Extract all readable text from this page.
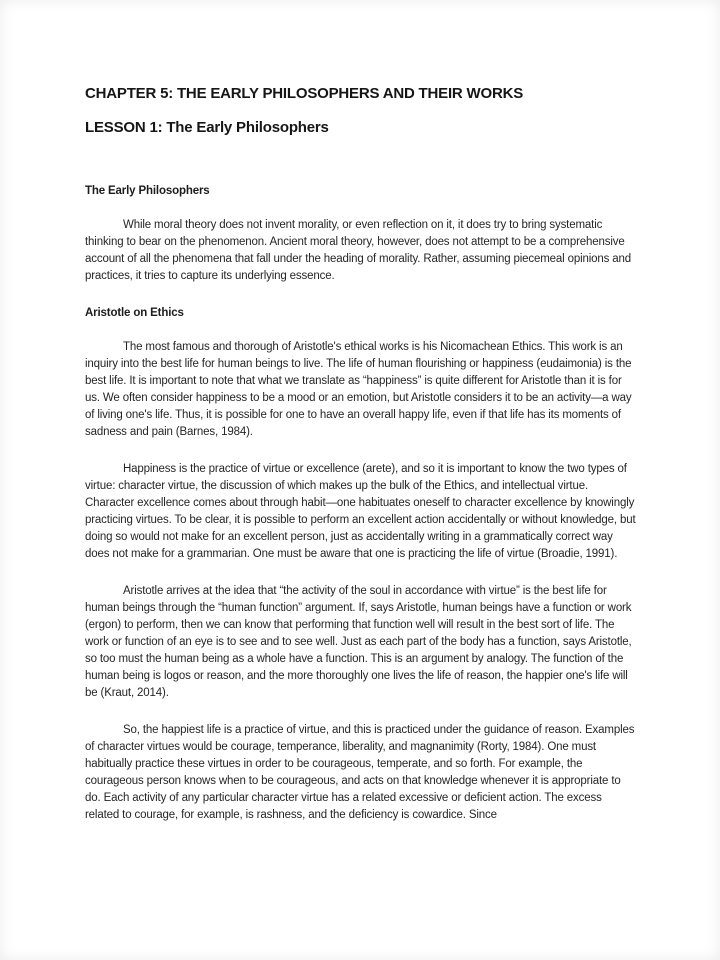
CHAPTER 5: THE EARLY PHILOSOPHERS AND THEIR WORKS
LESSON 1: The Early Philosophers
The Early Philosophers

While moral theory does not invent morality, or even reflection on it, it does try to bring systematic thinking to bear on the phenomenon. Ancient moral theory, however, does not attempt to be a comprehensive account of all the phenomena that fall under the heading of morality. Rather, assuming piecemeal opinions and practices, it tries to capture its underlying essence.

Aristotle on Ethics

The most famous and thorough of Aristotle's ethical works is his Nicomachean Ethics. This work is an inquiry into the best life for human beings to live. The life of human flourishing or happiness (eudaimonia) is the best life. It is important to note that what we translate as “happiness” is quite different for Aristotle than it is for us. We often consider happiness to be a mood or an emotion, but Aristotle considers it to be an activity—a way of living one's life. Thus, it is possible for one to have an overall happy life, even if that life has its moments of sadness and pain (Barnes, 1984).

Happiness is the practice of virtue or excellence (arete), and so it is important to know the two types of virtue: character virtue, the discussion of which makes up the bulk of the Ethics, and intellectual virtue. Character excellence comes about through habit—one habituates oneself to character excellence by knowingly practicing virtues. To be clear, it is possible to perform an excellent action accidentally or without knowledge, but doing so would not make for an excellent person, just as accidentally writing in a grammatically correct way does not make for a grammarian. One must be aware that one is practicing the life of virtue (Broadie, 1991).

Aristotle arrives at the idea that “the activity of the soul in accordance with virtue” is the best life for human beings through the “human function” argument. If, says Aristotle, human beings have a function or work (ergon) to perform, then we can know that performing that function well will result in the best sort of life. The work or function of an eye is to see and to see well. Just as each part of the body has a function, says Aristotle, so too must the human being as a whole have a function. This is an argument by analogy. The function of the human being is logos or reason, and the more thoroughly one lives the life of reason, the happier one's life will be (Kraut, 2014).

So, the happiest life is a practice of virtue, and this is practiced under the guidance of reason. Examples of character virtues would be courage, temperance, liberality, and magnanimity (Rorty, 1984). One must habitually practice these virtues in order to be courageous, temperate, and so forth. For example, the courageous person knows when to be courageous, and acts on that knowledge whenever it is appropriate to do. Each activity of any particular character virtue has a related excessive or deficient action. The excess related to courage, for example, is rashness, and the deficiency is cowardice. Since
